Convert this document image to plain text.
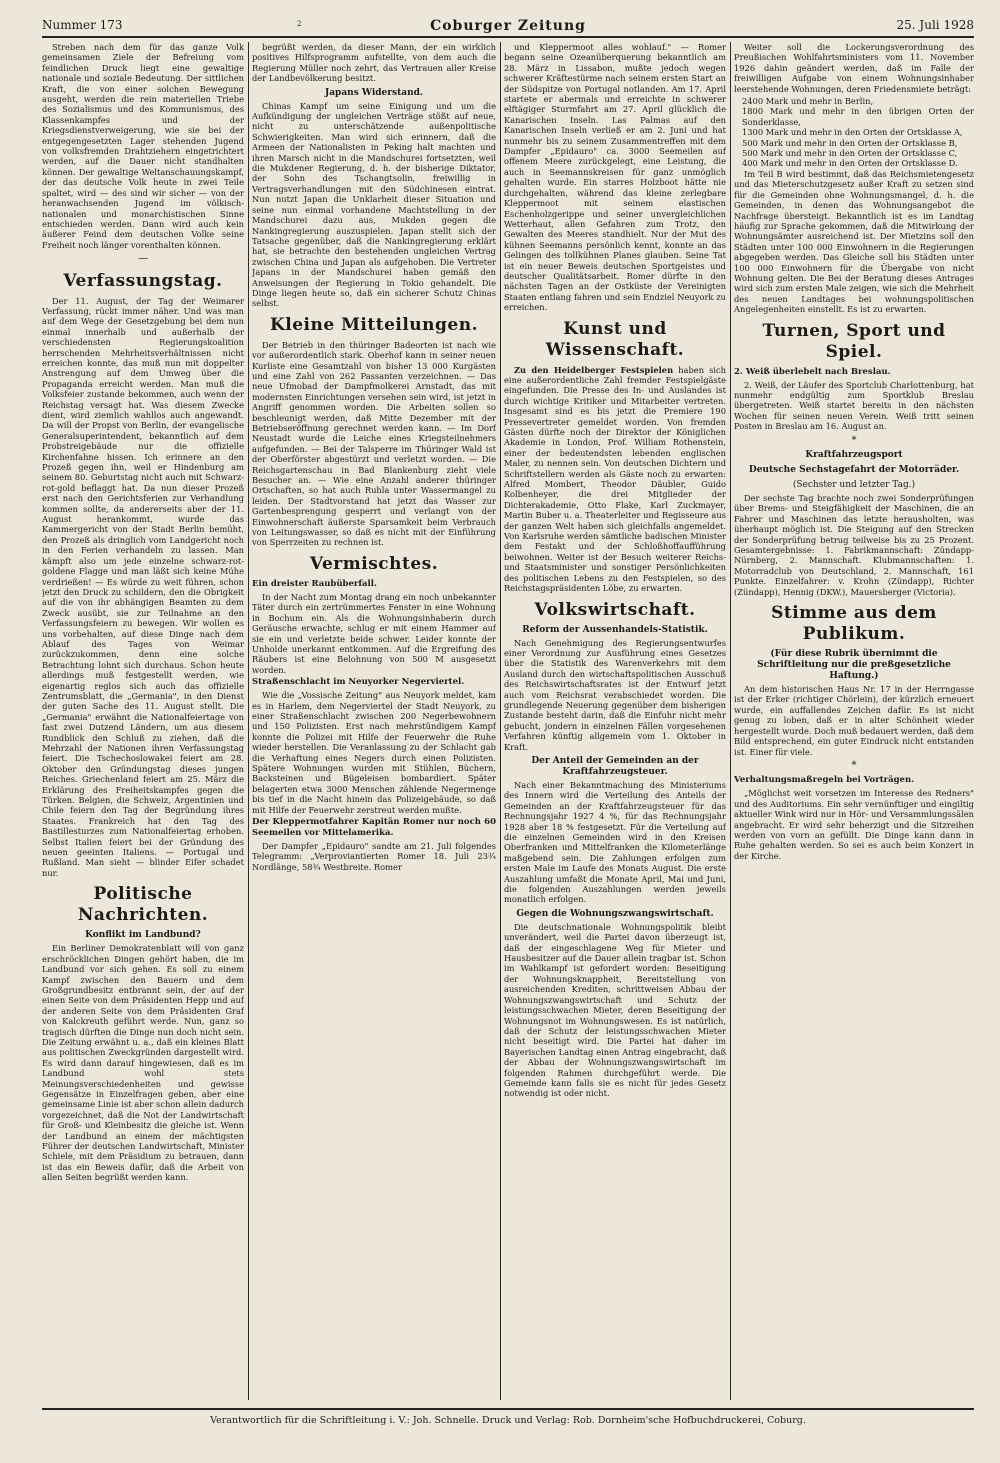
Nummer 173	2	Coburger Zeitung	25. Juli 1928

Streben nach dem für das ganze Volk gemeinsamen Ziele der Befreiung vom feindlichen Druck liegt eine gewaltige nationale und soziale Bedeutung. Der sittlichen Kraft, die von einer solchen Bewegung ausgeht, werden die rein materiellen Triebe des Sozialismus und des Kommunismus, des Klassenkampfes und der Kriegsdienstverweigerung, wie sie bei der entgegengesetzten Lager stehenden Jugend von volksfremden Drahtziehern eingetrichtert werden, auf die Dauer nicht standhalten können. Der gewaltige Weltanschauungskampf, der das deutsche Volk heute in zwei Teile spaltet, wird — des sind wir sicher — von der heranwachsenden Jugend im völkisch-nationalen und monarchistischen Sinne entschieden werden. Dann wird auch kein äußerer Feind dem deutschen Volke seine Freiheit noch länger vorenthalten können.

—
Verfassungstag.

Der 11. August, der Tag der Weimarer Verfassung, rückt immer näher. Und was man auf dem Wege der Gesetzgebung bei dem nun einmal innerhalb und außerhalb der verschiedensten Regierungskoalition herrschenden Mehrheitsverhältnissen nicht erreichen konnte, das muß nun mit doppelter Anstrengung auf dem Umweg über die Propaganda erreicht werden. Man muß die Volksfeier zustande bekommen, auch wenn der Reichstag versagt hat. Was diesem Zwecke dient, wird ziemlich wahllos auch angewandt. Da will der Propst von Berlin, der evangelische Generalsuperintendent, bekanntlich auf dem Probstreigebäude nur die offizielle Kirchenfahne hissen. Ich erinnere an den Prozeß gegen ihn, weil er Hindenburg am seinem 80. Geburtstag nicht auch mit Schwarz-rot-gold beflaggt hat. Da nun dieser Prozeß erst nach den Gerichtsferien zur Verhandlung kommen sollte, da andererseits aber der 11. August herankommt, wurde das Kammergericht von der Stadt Berlin bemüht, den Prozeß als dringlich vom Landgericht noch in den Ferien verhandeln zu lassen. Man kämpft also um jede einzelne schwarz-rot-goldene Flagge und man läßt sich keine Mühe verdrießen! — Es würde zu weit führen, schon jetzt den Druck zu schildern, den die Obrigkeit auf die von ihr abhängigen Beamten zu dem Zweck ausübt, sie zur Teilnahme an den Verfassungsfeiern zu bewegen. Wir wollen es uns vorbehalten, auf diese Dinge nach dem Ablauf des Tages von Weimar zurückzukommen, denn eine solche Betrachtung lohnt sich durchaus. Schon heute allerdings muß festgestellt werden, wie eigenartig reglos sich auch das offizielle Zentrumsblatt, die „Germania", in den Dienst der guten Sache des 11. August stellt. Die „Germania" erwähnt die Nationalfeiertage von fast zwei Dutzend Ländern, um aus diesem Rundblick den Schluß zu ziehen, daß die Mehrzahl der Nationen ihren Verfassungstag feiert. Die Tschechoslowakei feiert am 28. Oktober den Gründungstag dieses jungen Reiches. Griechenland feiert am 25. März die Erklärung des Freiheitskampfes gegen die Türken. Belgien, die Schweiz, Argentinien und Chile feiern den Tag der Begründung ihres Staates. Frankreich hat den Tag des Bastillesturzes zum Nationalfeiertag erhoben. Selbst Italien feiert bei der Gründung des neuen geeinten Italiens. — Portugal und Rußland. Man sieht — blinder Eifer schadet nur.

Politische Nachrichten.
Konflikt im Landbund?

Ein Berliner Demokratenblatt will von ganz erschröcklichen Dingen gehört haben, die im Landbund vor sich gehen. Es soll zu einem Kampf zwischen den Bauern und dem Großgrundbesitz entbrannt sein, der auf der einen Seite von dem Präsidenten Hepp und auf der anderen Seite von dem Präsidenten Graf von Kalckreuth geführt werde. Nun, ganz so tragisch dürften die Dinge nun doch nicht sein. Die Zeitung erwähnt u. a., daß ein kleines Blatt aus politischen Zweckgründen dargestellt wird. Es wird dann darauf hingewiesen, daß es im Landbund wohl stets Meinungsverschiedenheiten und gewisse Gegensätze in Einzelfragen geben, aber eine gemeinsame Linie ist aber schon allein dadurch vorgezeichnet, daß die Not der Landwirtschaft für Groß- und Kleinbesitz die gleiche ist. Wenn der Landbund an einem der mächtigsten Führer der deutschen Landwirtschaft, Minister Schiele, mit dem Präsidium zu betrauen, dann ist das ein Beweis dafür, daß die Arbeit von allen Seiten begrüßt werden kann.

begrüßt werden, da dieser Mann, der ein wirklich positives Hilfsprogramm aufstellte, von dem auch die Regierung Müller noch zehrt, das Vertrauen aller Kreise der Landbevölkerung besitzt.

Japans Widerstand.

Chinas Kampf um seine Einigung und um die Aufkündigung der ungleichen Verträge stößt auf neue, nicht zu unterschätzende außenpolitische Schwierigkeiten. Man wird sich erinnern, daß die Armeen der Nationalisten in Peking halt machten und ihren Marsch nicht in die Mandschurei fortsetzten, weil die Mukdener Regierung, d. h. der bisherige Diktator, der Sohn des Tschangtsolin, freiwillig in Vertragsverhandlungen mit den Südchinesen eintrat. Nun nutzt Japan die Unklarheit dieser Situation und seine nun einmal vorhandene Machtstellung in der Mandschurei dazu aus, Mukden gegen die Nankingregierung auszuspielen. Japan stellt sich der Tatsache gegenüber, daß die Nankingregierung erklärt hat, sie betrachte den bestehenden ungleichen Vertrag zwischen China und Japan als aufgehoben. Die Vertreter Japans in der Mandschurei haben gemäß den Anweisungen der Regierung in Tokio gehandelt. Die Dinge liegen heute so, daß ein sicherer Schutz Chinas selbst.

Kleine Mitteilungen.

Der Betrieb in den thüringer Badeorten ist nach wie vor außerordentlich stark. Oberhof kann in seiner neuen Kurliste eine Gesamtzahl von bisher 13 000 Kurgästen und eine Zahl von 262 Passanten verzeichnen. — Das neue Ufmobad der Dampfmolkerei Arnstadt, das mit modernsten Einrichtungen versehen sein wird, ist jetzt in Angriff genommen worden. Die Arbeiten sollen so beschleunigt werden, daß Mitte Dezember mit der Betriebseröffnung gerechnet werden kann. — Im Dorf Neustadt wurde die Leiche eines Kriegsteilnehmers aufgefunden. — Bei der Talsperre im Thüringer Wald ist der Oberförster abgestürzt und verletzt worden. — Die Reichsgartenschau in Bad Blankenburg zieht viele Besucher an. — Wie eine Anzahl anderer thüringer Ortschaften, so hat auch Ruhla unter Wassermangel zu leiden. Der Stadtvorstand hat jetzt das Wasser zur Gartenbesprengung gesperrt und verlangt von der Einwohnerschaft äußerste Sparsamkeit beim Verbrauch von Leitungswasser, so daß es nicht mit der Einführung von Sperrzeiten zu rechnen ist.

Vermischtes.
Ein dreister Raubüberfall.

In der Nacht zum Montag drang ein noch unbekannter Täter durch ein zertrümmertes Fenster in eine Wohnung in Bochum ein. Als die Wohnungsinhaberin durch Geräusche erwachte, schlug er mit einem Hammer auf sie ein und verletzte beide schwer. Leider konnte der Unholde unerkannt entkommen. Auf die Ergreifung des Räubers ist eine Belohnung von 500 M ausgesetzt worden.

Straßenschlacht im Neuyorker Negerviertel.

Wie die „Vossische Zeitung" aus Neuyork meldet, kam es in Harlem, dem Negerviertel der Stadt Neuyork, zu einer Straßenschlacht zwischen 200 Negerbewohnern und 150 Polizisten. Erst nach mehrstündigem Kampf konnte die Polizei mit Hilfe der Feuerwehr die Ruhe wieder herstellen. Die Veranlassung zu der Schlacht gab die Verhaftung eines Negers durch einen Polizisten. Spätere Wohnungen wurden mit Stühlen, Büchern, Backsteinen und Bügeleisen bombardiert. Später belagerten etwa 3000 Menschen zählende Negermenge bis tief in die Nacht hinein das Polizeigebäude, so daß mit Hilfe der Feuerwehr zerstreut werden mußte.

Der Kleppermotfahrer Kapitän Romer nur noch 60 Seemeilen vor Mittelamerika.

Der Dampfer „Epidauro" sandte am 21. Juli folgendes Telegramm: „Verproviantierten Romer 18. Juli 23¾ Nordlänge, 58¾ Westbreite. Romer

und Kleppermoot alles wohlauf." — Romer begann seine Ozeanüberquerung bekanntlich am 28. März in Lissabon, mußte jedoch wegen schwerer Kräftestürme nach seinem ersten Start an der Südspitze von Portugal notlanden. Am 17. April startete er abermals und erreichte in schwerer elftägiger Sturmfahrt am 27. April glücklich die Kanarischen Inseln. Las Palmas auf den Kanarischen Inseln verließ er am 2. Juni und hat nunmehr bis zu seinem Zusammentreffen mit dem Dampfer „Epidauro" ca. 3000 Seemeilen auf offenem Meere zurückgelegt, eine Leistung, die auch in Seemannskreisen für ganz unmöglich gehalten wurde. Ein starres Holzboot hätte nie durchgehalten, während das kleine zerlegbare Kleppermoot mit seinem elastischen Eschenholzgerippe und seiner unvergleichlichen Wetterhaut, allen Gefahren zum Trotz, den Gewalten des Meeres standhielt. Nur der Mut des kühnen Seemanns persönlich kennt, konnte an das Gelingen des tollkühnen Planes glauben. Seine Tat ist ein neuer Beweis deutschen Sportgeistes und deutscher Qualitätsarbeit. Romer dürfte in den nächsten Tagen an der Ostküste der Vereinigten Staaten entlang fahren und sein Endziel Neuyork zu erreichen.

Kunst und Wissenschaft.

Zu den Heidelberger Festspielen haben sich eine außerordentliche Zahl fremder Festspielgäste eingefunden. Die Presse des In- und Auslandes ist durch wichtige Kritiker und Mitarbeiter vertreten. Insgesamt sind es bis jetzt die Premiere 190 Pressevertreter gemeldet worden. Von fremden Gästen dürfte noch der Direktor der Königlichen Akademie in London, Prof. William Rothenstein, einer der bedeutendsten lebenden englischen Maler, zu nennen sein. Von deutschen Dichtern und Schriftstellern werden als Gäste noch zu erwarten: Alfred Mombert, Theodor Däubler, Guido Kolbenheyer, die drei Mitglieder der Dichterakademie, Otto Flake, Karl Zuckmayer, Martin Buber u. a. Theaterleiter und Regisseure aus der ganzen Welt haben sich gleichfalls angemeldet. Von Karlsruhe werden sämtliche badischen Minister dem Festakt und der Schloßhoffaufführung beiwohnen. Weiter ist der Besuch weiterer Reichs- und Staatsminister und sonstiger Persönlichkeiten des politischen Lebens zu den Festspielen, so des Reichstagspräsidenten Löbe, zu erwarten.

Volkswirtschaft.
Reform der Aussenhandels-Statistik.

Nach Genehmigung des Regierungsentwurfes einer Verordnung zur Ausführung eines Gesetzes über die Statistik des Warenverkehrs mit dem Ausland durch den wirtschaftspolitischen Ausschuß des Reichswirtschaftsrates ist der Entwurf jetzt auch vom Reichsrat verabschiedet worden. Die grundlegende Neuerung gegenüber dem bisherigen Zustande besteht darin, daß die Einfuhr nicht mehr gebucht, jondern in einzelnen Fällen vorgesehenen Verfahren künftig allgemein vom 1. Oktober in Kraft.

Der Anteil der Gemeinden an der Kraftfahrzeugsteuer.

Nach einer Bekanntmachung des Ministeriums des Innern wird die Verteilung des Anteils der Gemeinden an der Kraftfahrzeugsteuer für das Rechnungsjahr 1927 4 %, für das Rechnungsjahr 1928 aber 18 % festgesetzt. Für die Verteilung auf die einzelnen Gemeinden wird in den Kreisen Oberfranken und Mittelfranken die Kilometerlänge maßgebend sein. Die Zahlungen erfolgen zum ersten Male im Laufe des Monats August. Die erste Auszahlung umfaßt die Monate April, Mai und Juni, die folgenden Auszahlungen werden jeweils monatlich erfolgen.

Gegen die Wohnungszwangswirtschaft.

Die deutschnationale Wohnungspolitik bleibt unverändert, weil die Partei davon überzeugt ist, daß der eingeschlagene Weg für Mieter und Hausbesitzer auf die Dauer allein tragbar ist. Schon im Wahlkampf ist gefordert worden: Beseitigung der Wohnungsknappheit, Bereitstellung von ausreichenden Krediten, schrittweisen Abbau der Wohnungszwangswirtschaft und Schutz der leistungsschwachen Mieter, deren Beseitigung der Wohnungsnot im Wohnungswesen. Es ist natürlich, daß der Schutz der leistungsschwachen Mieter nicht beseitigt wird. Die Partei hat daher im Bayerischen Landtag einen Antrag eingebracht, daß der Abbau der Wohnungszwangswirtschaft im folgenden Rahmen durchgeführt werde. Die Gemeinde kann falls sie es nicht für jedes Gesetz notwendig ist oder nicht.

Weiter soll die Lockerungsverordnung des Preußischen Wohlfahrtsministers vom 11. November 1926 dahin geändert werden, daß im Falle der freiwilligen Aufgabe von einem Wohnungsinhaber leerstehende Wohnungen, deren Friedensmiete beträgt:

2400 Mark und mehr in Berlin,
1800 Mark und mehr in den übrigen Orten der Sonderklasse,
1300 Mark und mehr in den Orten der Ortsklasse A,
500 Mark und mehr in den Orten der Ortsklasse B,
500 Mark und mehr in den Orten der Ortsklasse C,
400 Mark und mehr in den Orten der Ortsklasse D.

Im Teil B wird bestimmt, daß das Reichsmietengesetz und das Mieterschutzgesetz außer Kraft zu setzen sind für die Gemeinden ohne Wohnungsmangel, d. h. die Gemeinden, in denen das Wohnungsangebot die Nachfrage übersteigt. Bekanntlich ist es im Landtag häufig zur Sprache gekommen, daß die Mitwirkung der Wohnungsämter ausreichend ist. Der Mietzins soll den Städten unter 100 000 Einwohnern in die Regierungen abgegeben werden. Das Gleiche soll bis Städten unter 100 000 Einwohnern für die Übergabe von nicht Wohnung gelten. Die Bei der Beratung dieses Antrages wird sich zum ersten Male zeigen, wie sich die Mehrheit des neuen Landtages bei wohnungspolitischen Angelegenheiten einstellt. Es ist zu erwarten.

Turnen, Sport und Spiel.
2. Weiß überlebelt nach Breslau.

2. Weiß, der Läufer des Sportclub Charlottenburg, hat nunmehr endgültig zum Sportklub Breslau übergetreten. Weiß startet bereits in den nächsten Wochen für seinen neuen Verein. Weiß tritt seinen Posten in Breslau am 16. August an.

*
Kraftfahrzeugsport
Deutsche Sechstagefahrt der Motorräder.
(Sechster und letzter Tag.)

Der sechste Tag brachte noch zwei Sonderprüfungen über Brems- und Steigfähigkeit der Maschinen, die an Fahrer und Maschinen das letzte herausholten, was überhaupt möglich ist. Die Steigung auf den Strecken der Sonderprüfung betrug teilweise bis zu 25 Prozent. Gesamtergebnisse: 1. Fabrikmannschaft: Zündapp-Nürnberg, 2. Mannschaft. Klubmannschaften: 1. Motorradclub von Deutschland, 2. Mannschaft, 161 Punkte. Einzelfahrer: v. Krohn (Zündapp), Richter (Zündapp), Hennig (DKW.), Mauersberger (Victoria).

Stimme aus dem Publikum.
(Für diese Rubrik übernimmt die Schriftleitung nur die preßgesetzliche Haftung.)

An dem historischen Haus Nr. 17 in der Herrngasse ist der Erker (richtiger Chörlein), der kürzlich erneuert wurde, ein auffallendes Zeichen dafür. Es ist nicht genug zu loben, daß er in alter Schönheit wieder hergestellt wurde. Doch muß bedauert werden, daß dem Bild entsprechend, ein guter Eindruck nicht entstanden ist. Einer für viele.

*
Verhaltungsmaßregeln bei Vorträgen.

„Möglichst weit vorsetzen im Interesse des Redners" und des Auditoriums. Ein sehr vernünftiger und eingiltig aktueller Wink wird nur in Hör- und Versammlungssälen angebracht. Er wird sehr beherzigt und die Sitzreihen werden von vorn an gefüllt. Die Dinge kann dann in Ruhe gehalten werden. So sei es auch beim Konzert in der Kirche.

Verantwortlich für die Schriftleitung i. V.: Joh. Schnelle. Druck und Verlag: Rob. Dornheim'sche Hofbuchdruckerei, Coburg.
